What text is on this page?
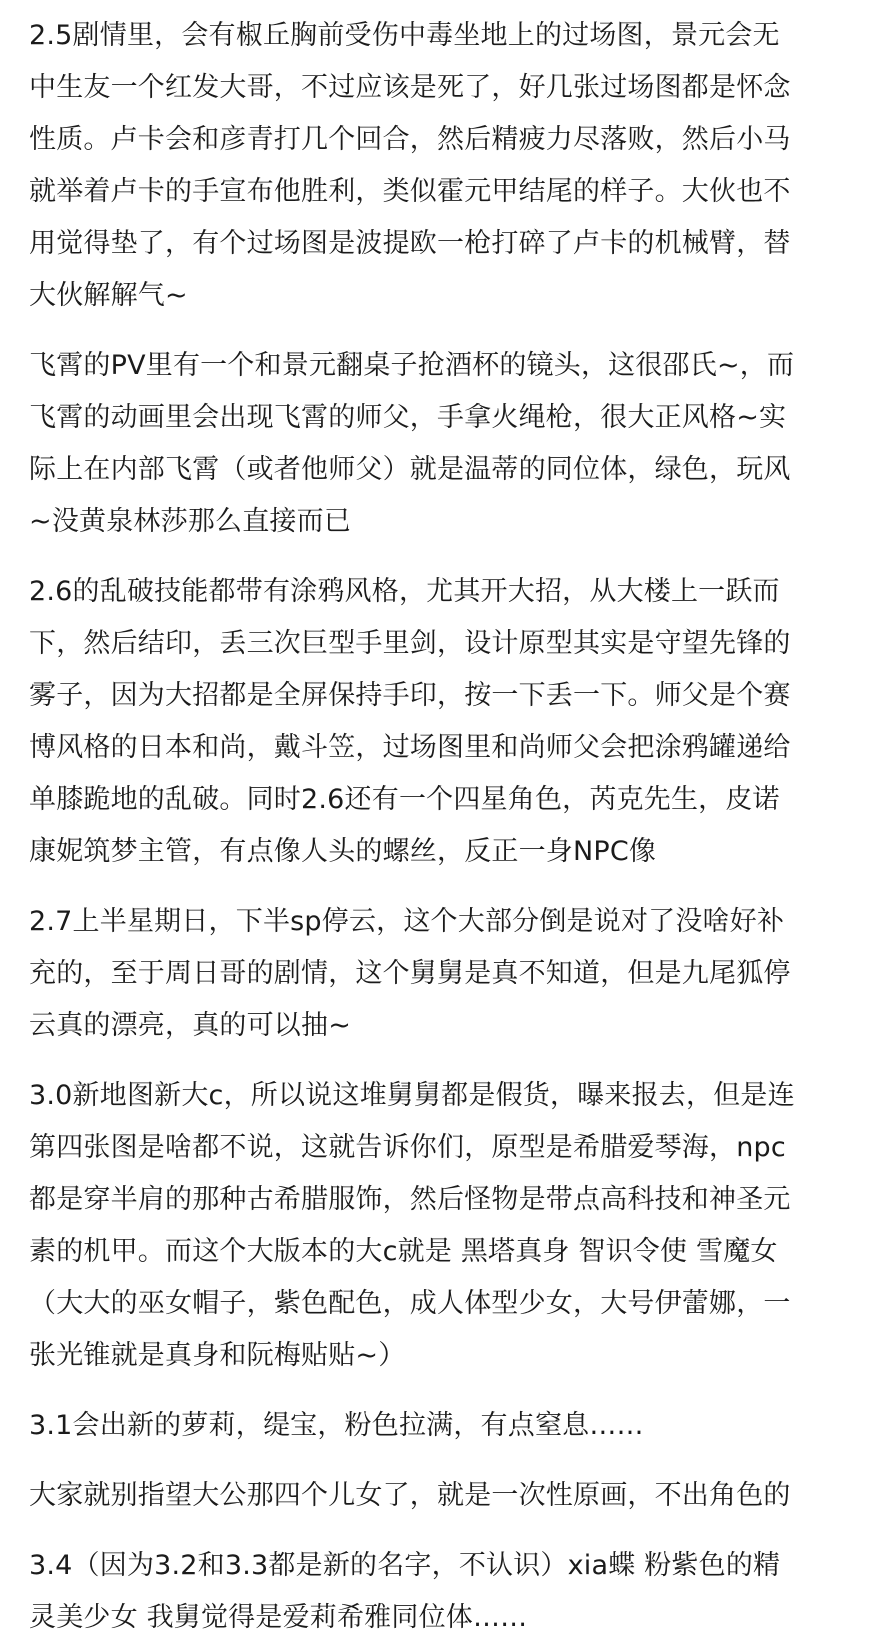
2.5剧情里，会有椒丘胸前受伤中毒坐地上的过场图，景元会无
中生友一个红发大哥，不过应该是死了，好几张过场图都是怀念
性质。卢卡会和彦青打几个回合，然后精疲力尽落败，然后小马
就举着卢卡的手宣布他胜利，类似霍元甲结尾的样子。大伙也不
用觉得垫了，有个过场图是波提欧一枪打碎了卢卡的机械臂，替
大伙解解气~
飞霄的PV里有一个和景元翻桌子抢酒杯的镜头，这很邵氏~，而
飞霄的动画里会出现飞霄的师父，手拿火绳枪，很大正风格~实
际上在内部飞霄（或者他师父）就是温蒂的同位体，绿色，玩风
~没黄泉林莎那么直接而已
2.6的乱破技能都带有涂鸦风格，尤其开大招，从大楼上一跃而
下，然后结印，丢三次巨型手里剑，设计原型其实是守望先锋的
雾子，因为大招都是全屏保持手印，按一下丢一下。师父是个赛
博风格的日本和尚，戴斗笠，过场图里和尚师父会把涂鸦罐递给
单膝跪地的乱破。同时2.6还有一个四星角色，芮克先生，皮诺
康妮筑梦主管，有点像人头的螺丝，反正一身NPC像
2.7上半星期日，下半sp停云，这个大部分倒是说对了没啥好补
充的，至于周日哥的剧情，这个舅舅是真不知道，但是九尾狐停
云真的漂亮，真的可以抽~
3.0新地图新大c，所以说这堆舅舅都是假货，曝来报去，但是连
第四张图是啥都不说，这就告诉你们，原型是希腊爱琴海，npc
都是穿半肩的那种古希腊服饰，然后怪物是带点高科技和神圣元
素的机甲。而这个大版本的大c就是 黑塔真身 智识令使 雪魔女
（大大的巫女帽子，紫色配色，成人体型少女，大号伊蕾娜，一
张光锥就是真身和阮梅贴贴~）
3.1会出新的萝莉，缇宝，粉色拉满，有点窒息……
大家就别指望大公那四个儿女了，就是一次性原画，不出角色的
3.4（因为3.2和3.3都是新的名字，不认识）xia蝶 粉紫色的精
灵美少女 我舅觉得是爱莉希雅同位体……
